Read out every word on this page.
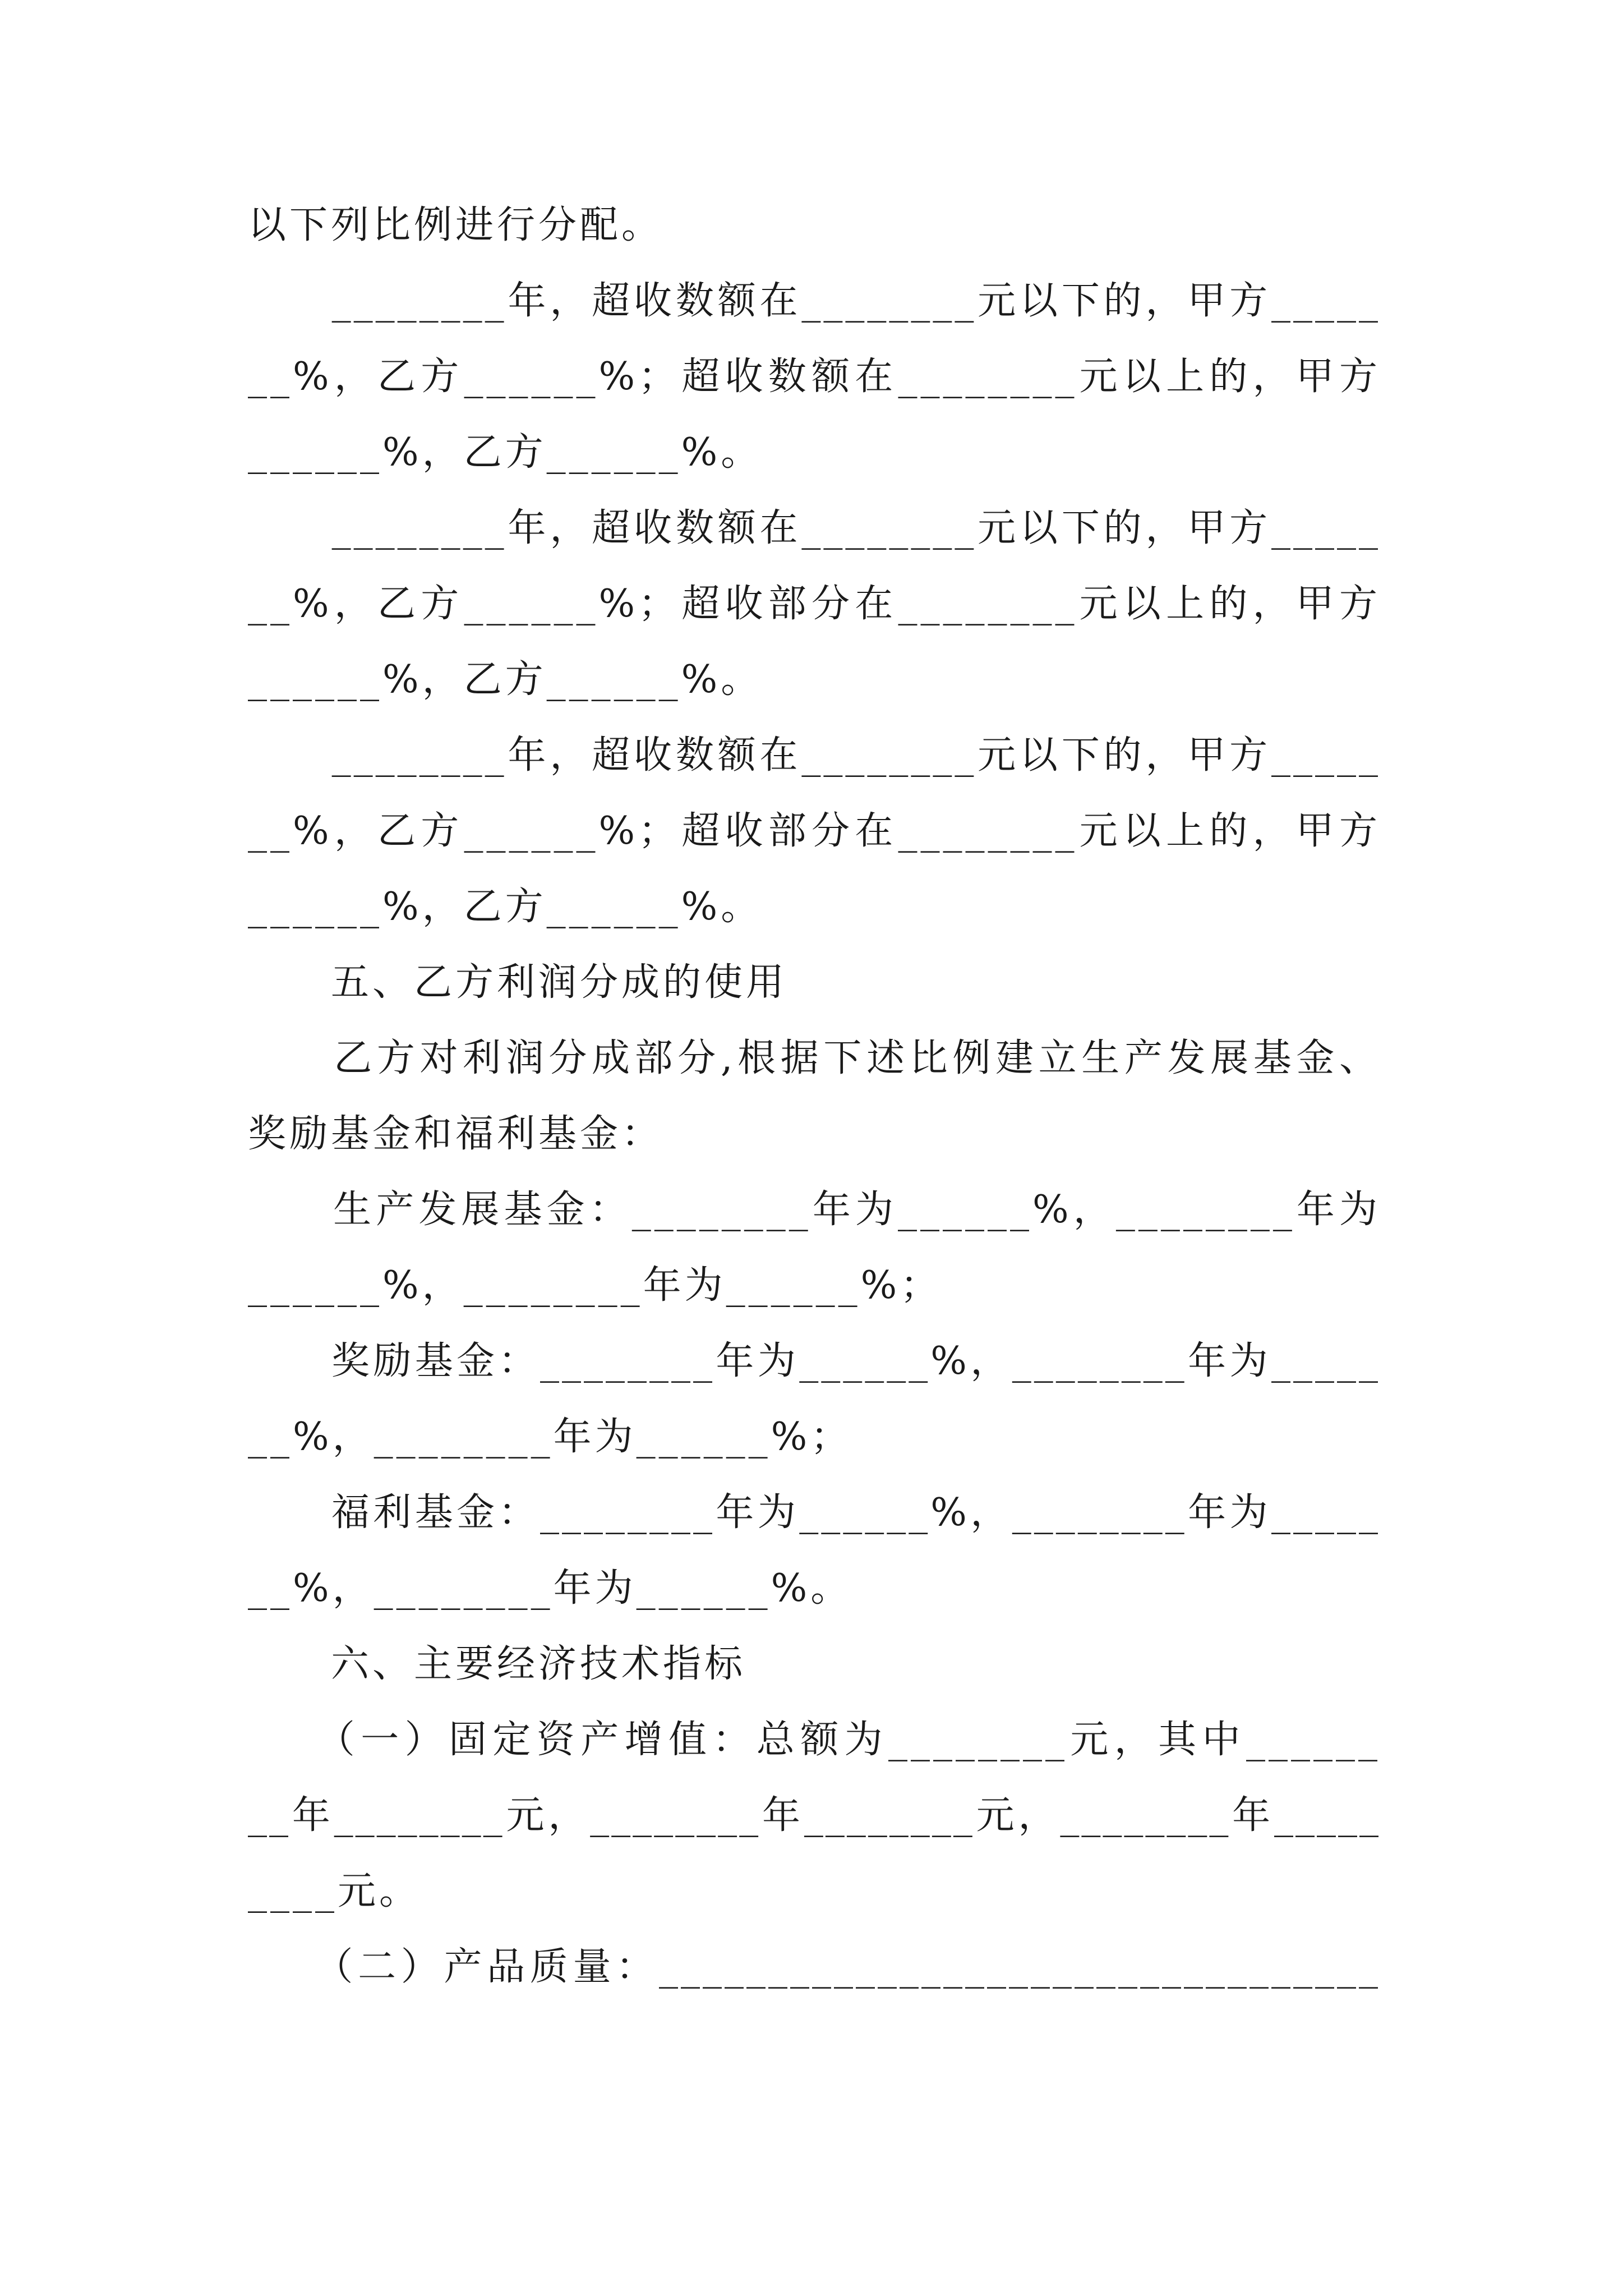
以下列比例进行分配。

　　________年，超收数额在________元以下的，甲方_____

__%，乙方______%；超收数额在________元以上的，甲方

______%，乙方______%。

　　________年，超收数额在________元以下的，甲方_____

__%，乙方______%；超收部分在________元以上的，甲方

______%，乙方______%。

　　________年，超收数额在________元以下的，甲方_____

__%，乙方______%；超收部分在________元以上的，甲方

______%，乙方______%。

　　五、乙方利润分成的使用

　　乙方对利润分成部分,根据下述比例建立生产发展基金、

奖励基金和福利基金：

　　生产发展基金：________年为______%，________年为

______%，________年为______%；

　　奖励基金：________年为______%，________年为_____

__%，________年为______%；

　　福利基金：________年为______%，________年为_____

__%，________年为______%。

　　六、主要经济技术指标

　　（一）固定资产增值：总额为________元，其中______

__年________元，________年________元，________年_____

____元。

　　（二）产品质量：_________________________________
